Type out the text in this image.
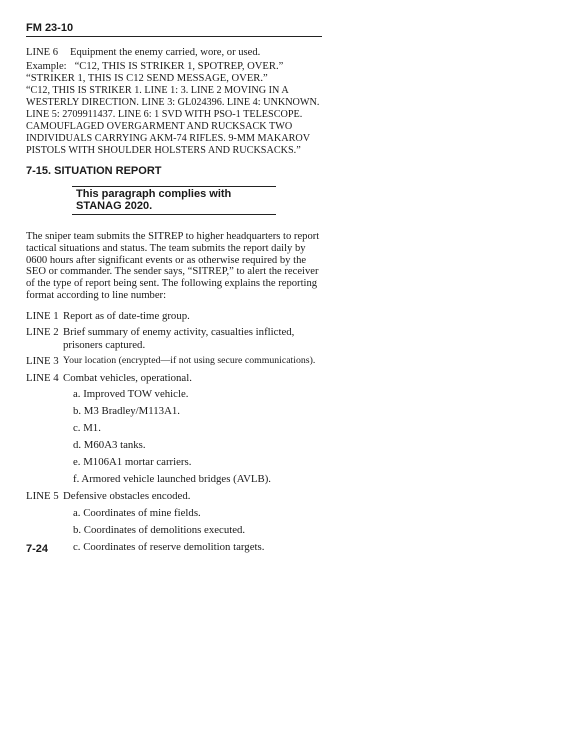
FM 23-10
LINE 6	Equipment the enemy carried, wore, or used.
Example: “C12, THIS IS STRIKER 1, SPOTREP, OVER.”
“STRIKER 1, THIS IS C12 SEND MESSAGE, OVER.”
“C12, THIS IS STRIKER 1. LINE 1: 3. LINE 2 MOVING IN A WESTERLY DIRECTION. LINE 3: GL024396. LINE 4: UNKNOWN. LINE 5: 2709911437. LINE 6: 1 SVD WITH PSO-1 TELESCOPE. CAMOUFLAGED OVERGARMENT AND RUCKSACK TWO INDIVIDUALS CARRYING AKM-74 RIFLES. 9-MM MAKAROV PISTOLS WITH SHOULDER HOLSTERS AND RUCKSACKS.”
7-15. SITUATION REPORT
This paragraph complies with STANAG 2020.
The sniper team submits the SITREP to higher headquarters to report tactical situations and status. The team submits the report daily by 0600 hours after significant events or as otherwise required by the SEO or commander. The sender says, “SITREP,” to alert the receiver of the type of report being sent. The following explains the reporting format according to line number:
LINE 1 Report as of date-time group.
LINE 2 Brief summary of enemy activity, casualties inflicted, prisoners captured.
LINE 3 Your location (encrypted—if not using secure communications).
LINE 4 Combat vehicles, operational.
a. Improved TOW vehicle.
b. M3 Bradley/M113A1.
c. M1.
d. M60A3 tanks.
e. M106A1 mortar carriers.
f. Armored vehicle launched bridges (AVLB).
LINE 5 Defensive obstacles encoded.
a. Coordinates of mine fields.
b. Coordinates of demolitions executed.
c. Coordinates of reserve demolition targets.
7-24
